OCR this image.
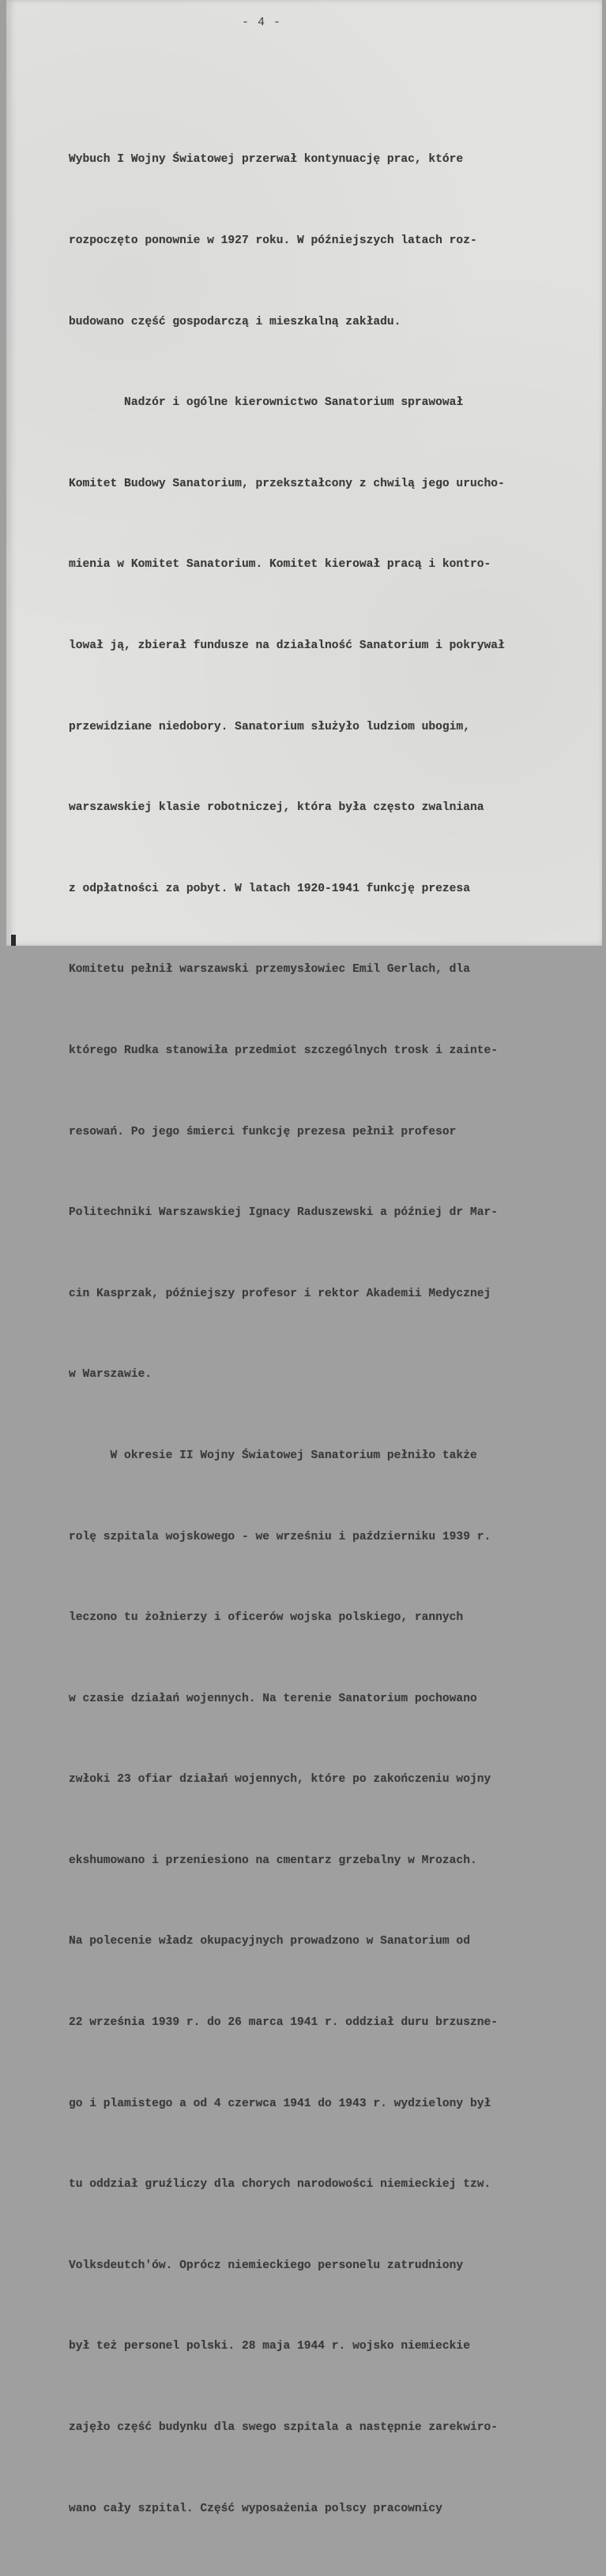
- 4 -

Wybuch I Wojny Światowej przerwał kontynuację prac, które

rozpoczęto ponownie w 1927 roku. W późniejszych latach roz-

budowano część gospodarczą i mieszkalną zakładu.

Nadzór i ogólne kierownictwo Sanatorium sprawował

Komitet Budowy Sanatorium, przekształcony z chwilą jego urucho-

mienia w Komitet Sanatorium. Komitet kierował pracą i kontro-

lował ją, zbierał fundusze na działalność Sanatorium i pokrywał

przewidziane niedobory. Sanatorium służyło ludziom ubogim,

warszawskiej klasie robotniczej, która była często zwalniana

z odpłatności za pobyt. W latach 1920-1941 funkcję prezesa

Komitetu pełnił warszawski przemysłowiec Emil Gerlach, dla

którego Rudka stanowiła przedmiot szczególnych trosk i zainte-

resowań. Po jego śmierci funkcję prezesa pełnił profesor

Politechniki Warszawskiej Ignacy Raduszewski a później dr Mar-

cin Kasprzak, późniejszy profesor i rektor Akademii Medycznej

w Warszawie.

W okresie II Wojny Światowej Sanatorium pełniło także

rolę szpitala wojskowego - we wrześniu i październiku 1939 r.

leczono tu żołnierzy i oficerów wojska polskiego, rannych

w czasie działań wojennych. Na terenie Sanatorium pochowano

zwłoki 23 ofiar działań wojennych, które po zakończeniu wojny

ekshumowano i przeniesiono na cmentarz grzebalny w Mrozach.

Na polecenie władz okupacyjnych prowadzono w Sanatorium od

22 września 1939 r. do 26 marca 1941 r. oddział duru brzuszne-

go i plamistego a od 4 czerwca 1941 do 1943 r. wydzielony był

tu oddział gruźliczy dla chorych narodowości niemieckiej tzw.

Volksdeutch'ów. Oprócz niemieckiego personelu zatrudniony

był też personel polski. 28 maja 1944 r. wojsko niemieckie

zajęło część budynku dla swego szpitala a następnie zarekwiro-

wano cały szpital. Część wyposażenia polscy pracownicy
